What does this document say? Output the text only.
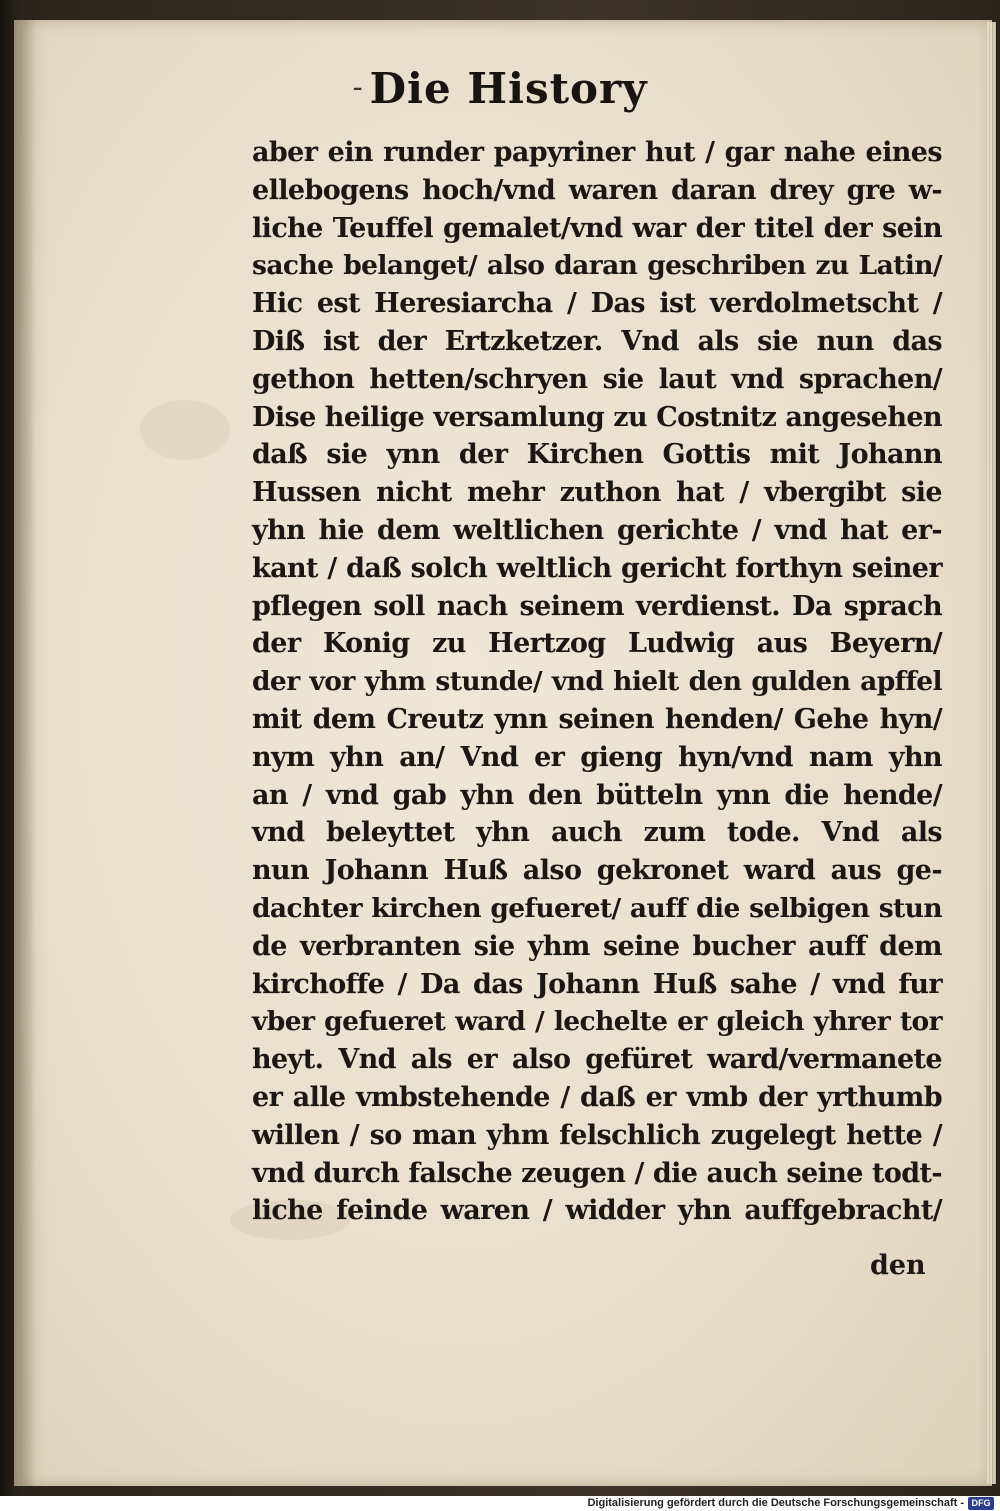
- Die History
aber ein runder papyriner hut / gar nahe eines
ellebogens hoch/vnd waren daran drey gre w-
liche Teuffel gemalet/vnd war der titel der sein
sache belanget/ also daran geschriben zu Latin/
Hic est Heresiarcha / Das ist verdolmetscht /
Diß ist der Ertzketzer. Vnd als sie nun das
gethon hetten/schryen sie laut vnd sprachen/
Dise heilige versamlung zu Costnitz angesehen
daß sie ynn der Kirchen Gottis mit Johann
Hussen nicht mehr zuthon hat / vbergibt sie
yhn hie dem weltlichen gerichte / vnd hat er-
kant / daß solch weltlich gericht forthyn seiner
pflegen soll nach seinem verdienst. Da sprach
der Konig zu Hertzog Ludwig aus Beyern/
der vor yhm stunde/ vnd hielt den gulden apffel
mit dem Creutz ynn seinen henden/ Gehe hyn/
nym yhn an/ Vnd er gieng hyn/vnd nam yhn
an / vnd gab yhn den bütteln ynn die hende/
vnd beleyttet yhn auch zum tode. Vnd als
nun Johann Huß also gekronet ward aus ge-
dachter kirchen gefueret/ auff die selbigen stun
de verbranten sie yhm seine bucher auff dem
kirchoffe / Da das Johann Huß sahe / vnd fur
vber gefueret ward / lechelte er gleich yhrer tor
heyt. Vnd als er also gefüret ward/vermanete
er alle vmbstehende / daß er vmb der yrthumb
willen / so man yhm felschlich zugelegt hette /
vnd durch falsche zeugen / die auch seine todt-
liche feinde waren / widder yhn auffgebracht/
den
Digitalisierung gefördert durch die Deutsche Forschungsgemeinschaft - DFG
